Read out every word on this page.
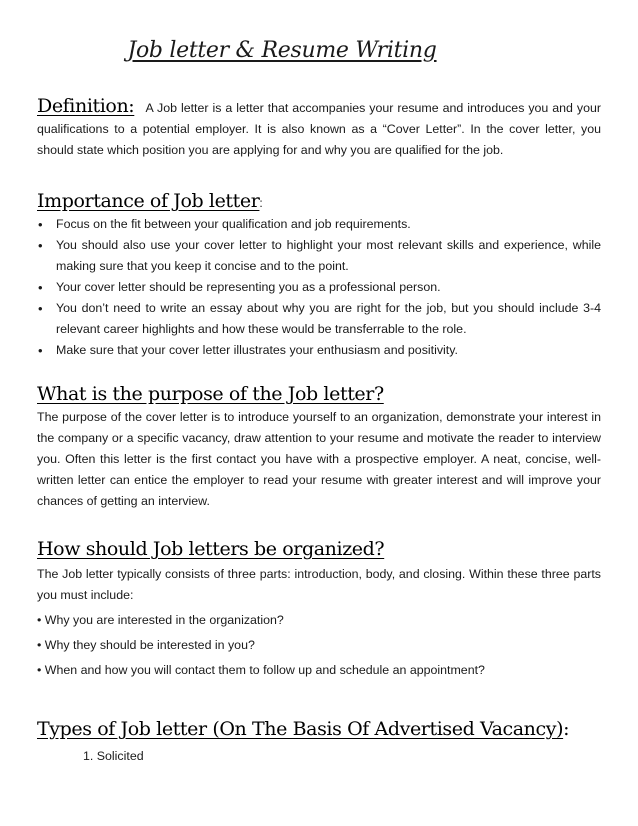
Job letter & Resume Writing

Definition: A Job letter is a letter that accompanies your resume and introduces you and your qualifications to a potential employer. It is also known as a “Cover Letter”. In the cover letter, you should state which position you are applying for and why you are qualified for the job.

Importance of Job letter:
• Focus on the fit between your qualification and job requirements.
• You should also use your cover letter to highlight your most relevant skills and experience, while making sure that you keep it concise and to the point.
• Your cover letter should be representing you as a professional person.
• You don’t need to write an essay about why you are right for the job, but you should include 3-4 relevant career highlights and how these would be transferrable to the role.
• Make sure that your cover letter illustrates your enthusiasm and positivity.
What is the purpose of the Job letter?

The purpose of the cover letter is to introduce yourself to an organization, demonstrate your interest in the company or a specific vacancy, draw attention to your resume and motivate the reader to interview you. Often this letter is the first contact you have with a prospective employer. A neat, concise, well-written letter can entice the employer to read your resume with greater interest and will improve your chances of getting an interview.

How should Job letters be organized?

The Job letter typically consists of three parts: introduction, body, and closing. Within these three parts you must include:

• Why you are interested in the organization?

• Why they should be interested in you?

• When and how you will contact them to follow up and schedule an appointment?

Types of Job letter (On The Basis Of Advertised Vacancy):
1. Solicited
